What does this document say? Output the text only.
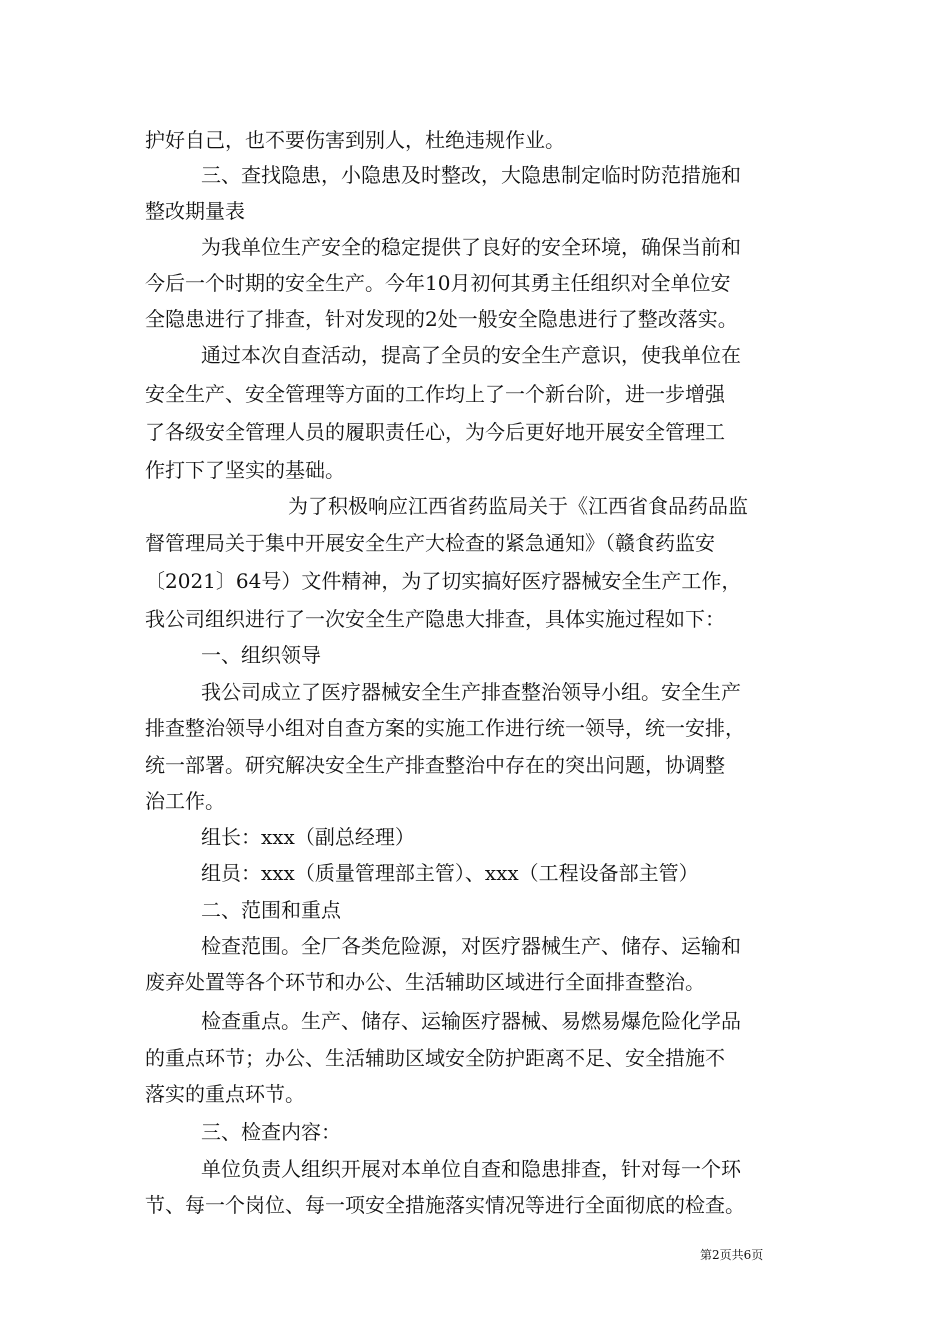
护好自己，也不要伤害到别人，杜绝违规作业。
三、查找隐患，小隐患及时整改，大隐患制定临时防范措施和
整改期量表
为我单位生产安全的稳定提供了良好的安全环境，确保当前和
今后一个时期的安全生产。今年10月初何其勇主任组织对全单位安
全隐患进行了排查，针对发现的2处一般安全隐患进行了整改落实。
通过本次自查活动，提高了全员的安全生产意识，使我单位在
安全生产、安全管理等方面的工作均上了一个新台阶，进一步增强
了各级安全管理人员的履职责任心，为今后更好地开展安全管理工
作打下了坚实的基础。
为了积极响应江西省药监局关于《江西省食品药品监
督管理局关于集中开展安全生产大检查的紧急通知》（赣食药监安
〔2021〕64号）文件精神，为了切实搞好医疗器械安全生产工作，
我公司组织进行了一次安全生产隐患大排查，具体实施过程如下：
一、组织领导
我公司成立了医疗器械安全生产排查整治领导小组。安全生产
排查整治领导小组对自查方案的实施工作进行统一领导，统一安排，
统一部署。研究解决安全生产排查整治中存在的突出问题，协调整
治工作。
组长：xxx（副总经理）
组员：xxx（质量管理部主管）、xxx（工程设备部主管）
二、范围和重点
检查范围。全厂各类危险源，对医疗器械生产、储存、运输和
废弃处置等各个环节和办公、生活辅助区域进行全面排查整治。
检查重点。生产、储存、运输医疗器械、易燃易爆危险化学品
的重点环节；办公、生活辅助区域安全防护距离不足、安全措施不
落实的重点环节。
三、检查内容：
单位负责人组织开展对本单位自查和隐患排查，针对每一个环
节、每一个岗位、每一项安全措施落实情况等进行全面彻底的检查。
第2页共6页
